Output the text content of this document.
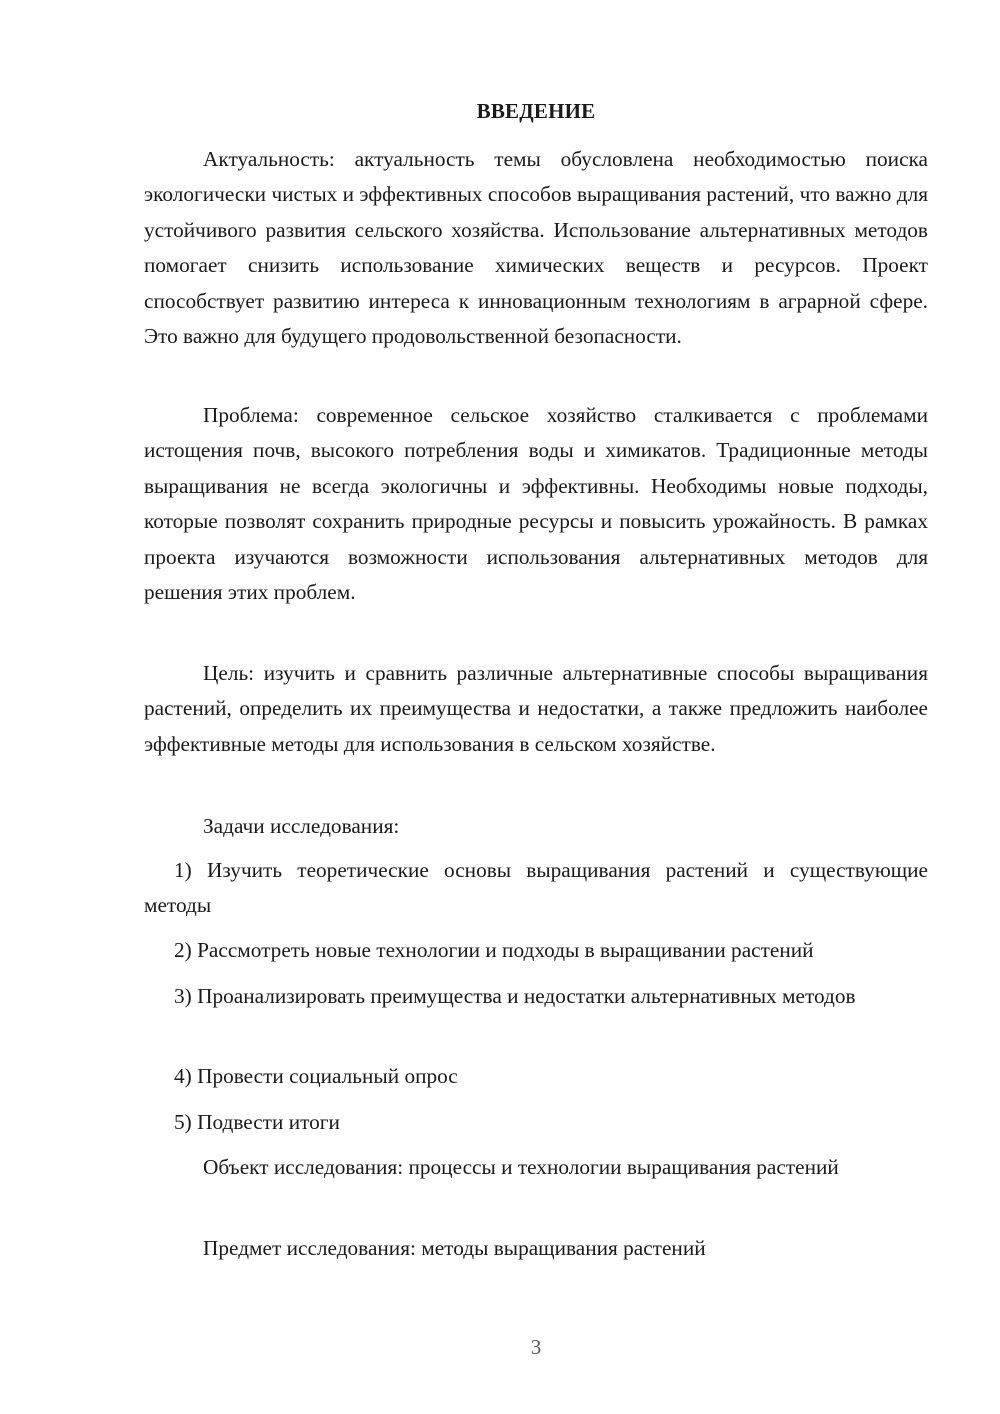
ВВЕДЕНИЕ

Актуальность: актуальность темы обусловлена необходимостью поиска экологически чистых и эффективных способов выращивания растений, что важно для устойчивого развития сельского хозяйства. Использование альтернативных методов помогает снизить использование химических веществ и ресурсов. Проект способствует развитию интереса к инновационным технологиям в аграрной сфере. Это важно для будущего продовольственной безопасности.

Проблема: современное сельское хозяйство сталкивается с проблемами истощения почв, высокого потребления воды и химикатов. Традиционные методы выращивания не всегда экологичны и эффективны. Необходимы новые подходы, которые позволят сохранить природные ресурсы и повысить урожайность. В рамках проекта изучаются возможности использования альтернативных методов для решения этих проблем.

Цель: изучить и сравнить различные альтернативные способы выращивания растений, определить их преимущества и недостатки, а также предложить наиболее эффективные методы для использования в сельском хозяйстве.

Задачи исследования:

1) Изучить теоретические основы выращивания растений и существующие методы

2) Рассмотреть новые технологии и подходы в выращивании растений

3) Проанализировать преимущества и недостатки альтернативных методов

4) Провести социальный опрос

5) Подвести итоги

Объект исследования: процессы и технологии выращивания растений

Предмет исследования: методы выращивания растений

3
